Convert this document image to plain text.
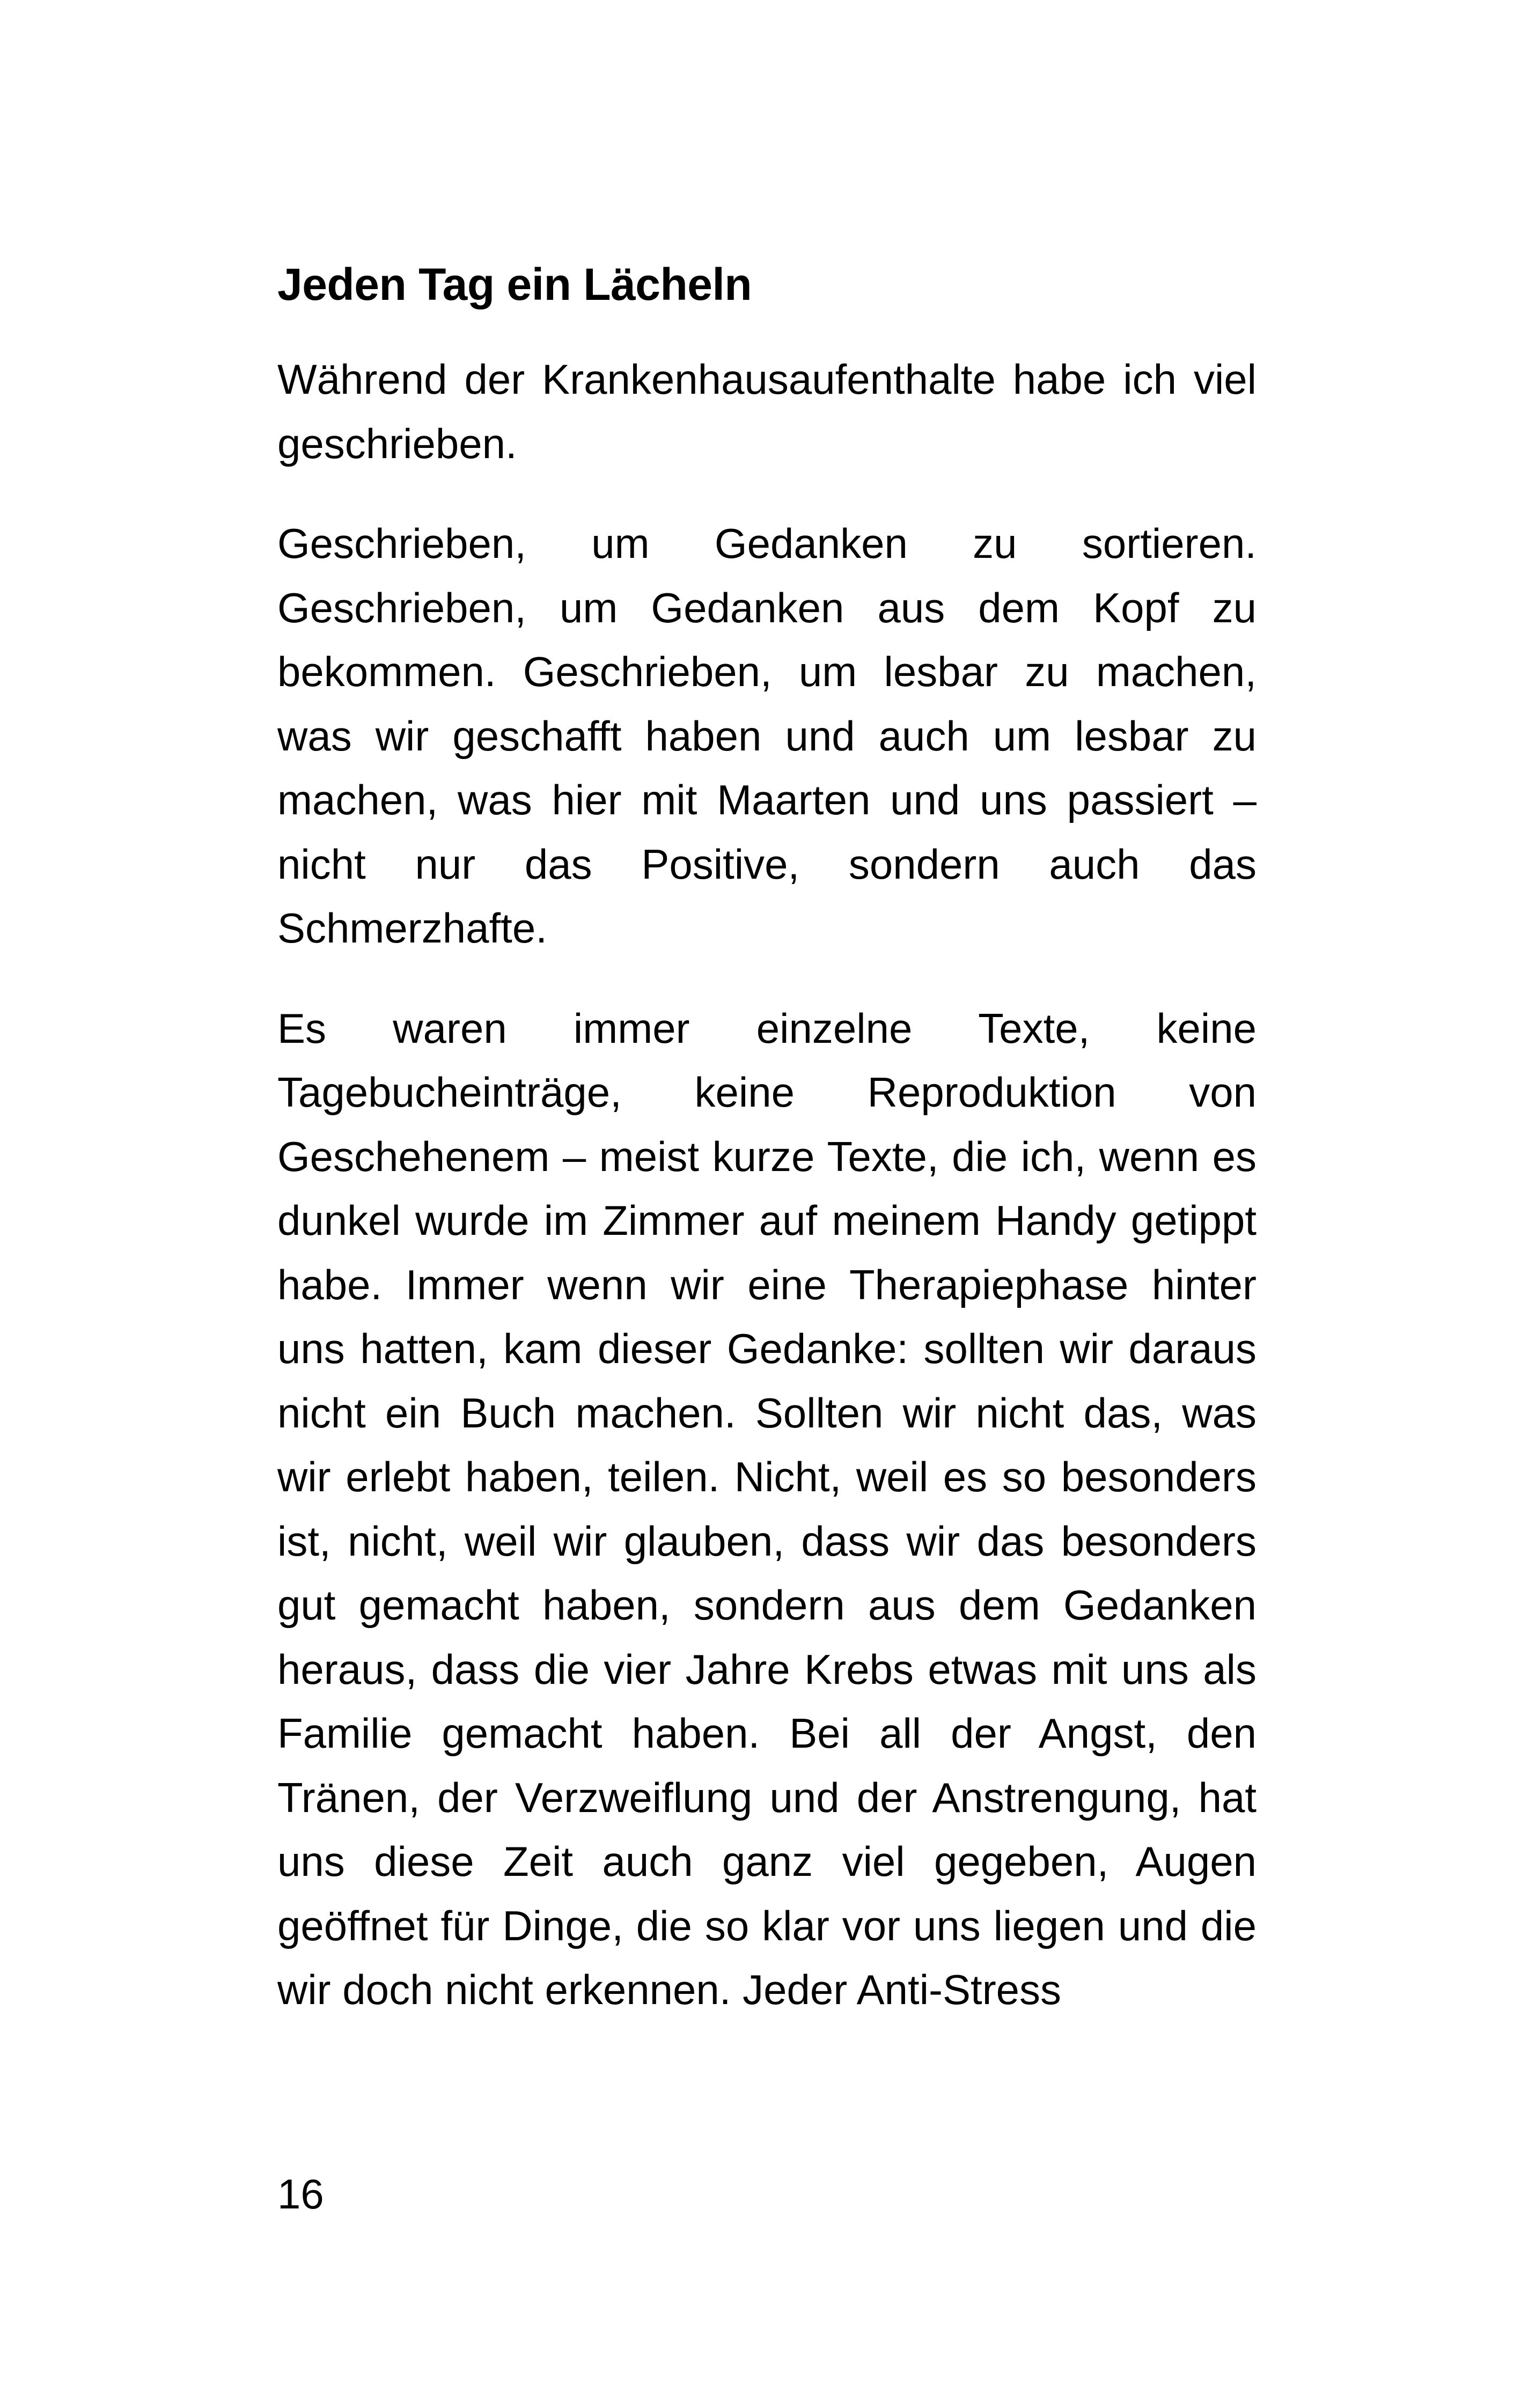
Jeden Tag ein Lächeln

Während der Krankenhausaufenthalte habe ich viel geschrieben.

Geschrieben, um Gedanken zu sortieren. Geschrieben, um Gedanken aus dem Kopf zu bekommen. Geschrieben, um lesbar zu machen, was wir geschafft haben und auch um lesbar zu machen, was hier mit Maarten und uns passiert – nicht nur das Positive, sondern auch das Schmerzhafte.

Es waren immer einzelne Texte, keine Tagebucheinträge, keine Reproduktion von Geschehenem – meist kurze Texte, die ich, wenn es dunkel wurde im Zimmer auf meinem Handy getippt habe. Immer wenn wir eine Therapiephase hinter uns hatten, kam dieser Gedanke: sollten wir daraus nicht ein Buch machen. Sollten wir nicht das, was wir erlebt haben, teilen. Nicht, weil es so besonders ist, nicht, weil wir glauben, dass wir das besonders gut gemacht haben, sondern aus dem Gedanken heraus, dass die vier Jahre Krebs etwas mit uns als Familie gemacht haben. Bei all der Angst, den Tränen, der Verzweiflung und der Anstrengung, hat uns diese Zeit auch ganz viel gegeben, Augen geöffnet für Dinge, die so klar vor uns liegen und die wir doch nicht erkennen. Jeder Anti-Stress

16
